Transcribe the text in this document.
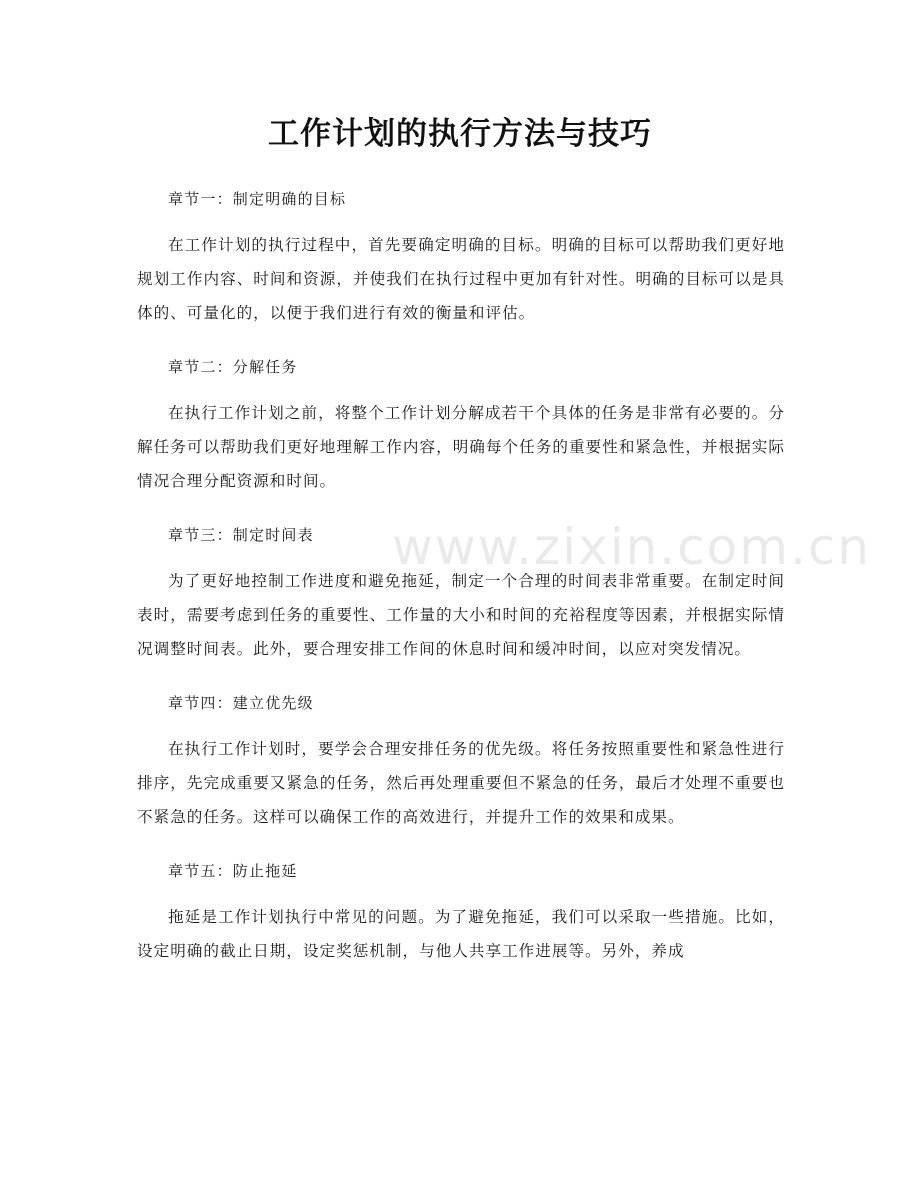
www.zixin.com.cn
工作计划的执行方法与技巧
章节一：制定明确的目标

在工作计划的执行过程中，首先要确定明确的目标。明确的目标可以帮助我们更好地规划工作内容、时间和资源，并使我们在执行过程中更加有针对性。明确的目标可以是具体的、可量化的，以便于我们进行有效的衡量和评估。

章节二：分解任务

在执行工作计划之前，将整个工作计划分解成若干个具体的任务是非常有必要的。分解任务可以帮助我们更好地理解工作内容，明确每个任务的重要性和紧急性，并根据实际情况合理分配资源和时间。

章节三：制定时间表

为了更好地控制工作进度和避免拖延，制定一个合理的时间表非常重要。在制定时间表时，需要考虑到任务的重要性、工作量的大小和时间的充裕程度等因素，并根据实际情况调整时间表。此外，要合理安排工作间的休息时间和缓冲时间，以应对突发情况。

章节四：建立优先级

在执行工作计划时，要学会合理安排任务的优先级。将任务按照重要性和紧急性进行排序，先完成重要又紧急的任务，然后再处理重要但不紧急的任务，最后才处理不重要也不紧急的任务。这样可以确保工作的高效进行，并提升工作的效果和成果。

章节五：防止拖延

拖延是工作计划执行中常见的问题。为了避免拖延，我们可以采取一些措施。比如，设定明确的截止日期，设定奖惩机制，与他人共享工作进展等。另外，养成
